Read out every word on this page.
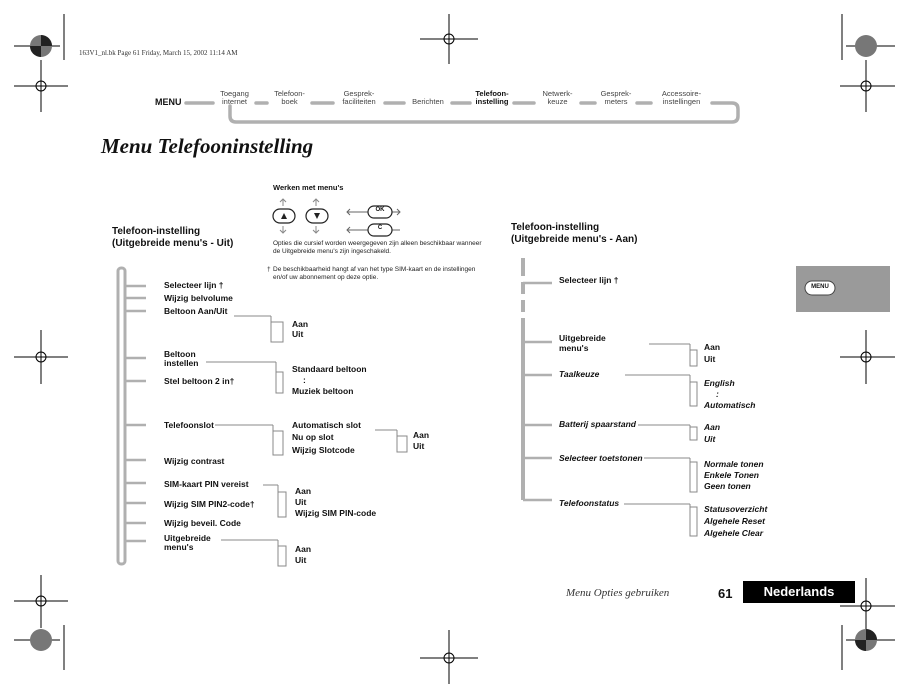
163V1_nl.bk Page 61 Friday, March 15, 2002 11:14 AM
MENU
Toegang
internet
Telefoon-
boek
Gesprek-
faciliteiten	Berichten
Telefoon-
instelling
Netwerk-
keuze
Gesprek-
meters
Accessoire-
instellingen
Menu Telefooninstelling
Werken met menu's
OK
C
Opties die cursief worden weergegeven zijn alleen beschikbaar wanneer de Uitgebreide menu's zijn ingeschakeld.
† De beschikbaarheid hangt af van het type SIM-kaart en de instellingen en/of uw abonnement op deze optie.
Telefoon-instelling
(Uitgebreide menu's - Uit)
Selecteer lijn †
Wijzig belvolume
Beltoon Aan/Uit
Beltoon
instellen
Stel beltoon 2 in†
Telefoonslot
Wijzig contrast
SIM-kaart PIN vereist
Wijzig SIM PIN2-code†
Wijzig beveil. Code
Uitgebreide
menu's
Aan
Uit
Standaard beltoon
:
Muziek beltoon
Automatisch slot
Nu op slot
Wijzig Slotcode
Aan
Uit
Aan
Uit
Wijzig SIM PIN-code
Aan
Uit
Telefoon-instelling
(Uitgebreide menu's - Aan)
Selecteer lijn †
Uitgebreide
menu's
Taalkeuze
Batterij spaarstand
Selecteer toetstonen
Telefoonstatus
Aan
Uit
English
:
Automatisch
Aan
Uit
Normale tonen
Enkele Tonen
Geen tonen
Statusoverzicht
Algehele Reset
Algehele Clear
MENU
Menu Opties gebruiken	61	Nederlands
